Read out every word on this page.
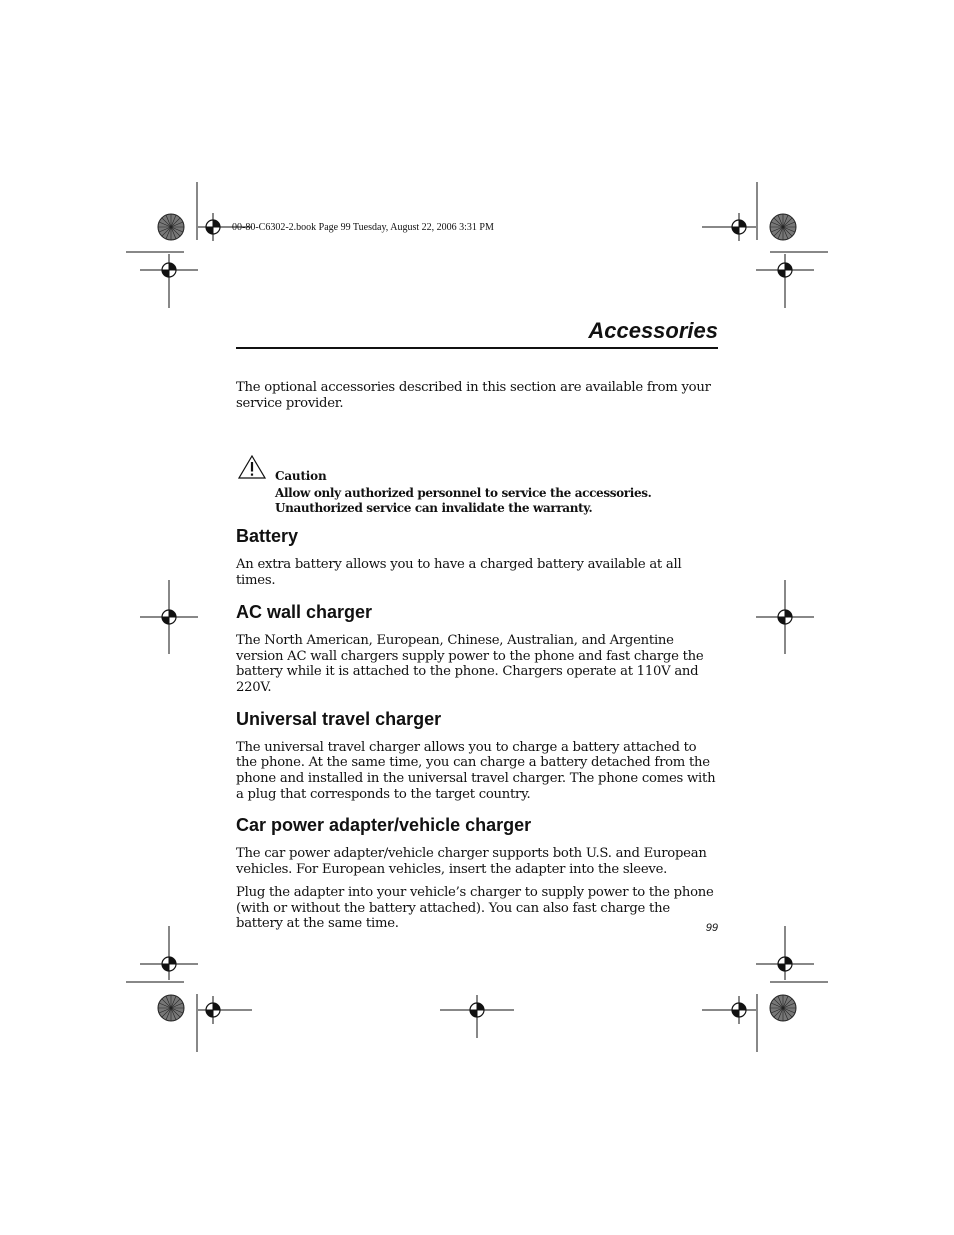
00-80-C6302-2.book Page 99 Tuesday, August 22, 2006 3:31 PM
Accessories

The optional accessories described in this section are available from your service provider.

Caution
Allow only authorized personnel to service the accessories.
Unauthorized service can invalidate the warranty.
Battery

An extra battery allows you to have a charged battery available at all times.

AC wall charger

The North American, European, Chinese, Australian, and Argentine version AC wall chargers supply power to the phone and fast charge the battery while it is attached to the phone. Chargers operate at 110V and 220V.

Universal travel charger

The universal travel charger allows you to charge a battery attached to the phone. At the same time, you can charge a battery detached from the phone and installed in the universal travel charger. The phone comes with a plug that corresponds to the target country.

Car power adapter/vehicle charger

The car power adapter/vehicle charger supports both U.S. and European vehicles. For European vehicles, insert the adapter into the sleeve.

Plug the adapter into your vehicle’s charger to supply power to the phone (with or without the battery attached). You can also fast charge the battery at the same time.	99
